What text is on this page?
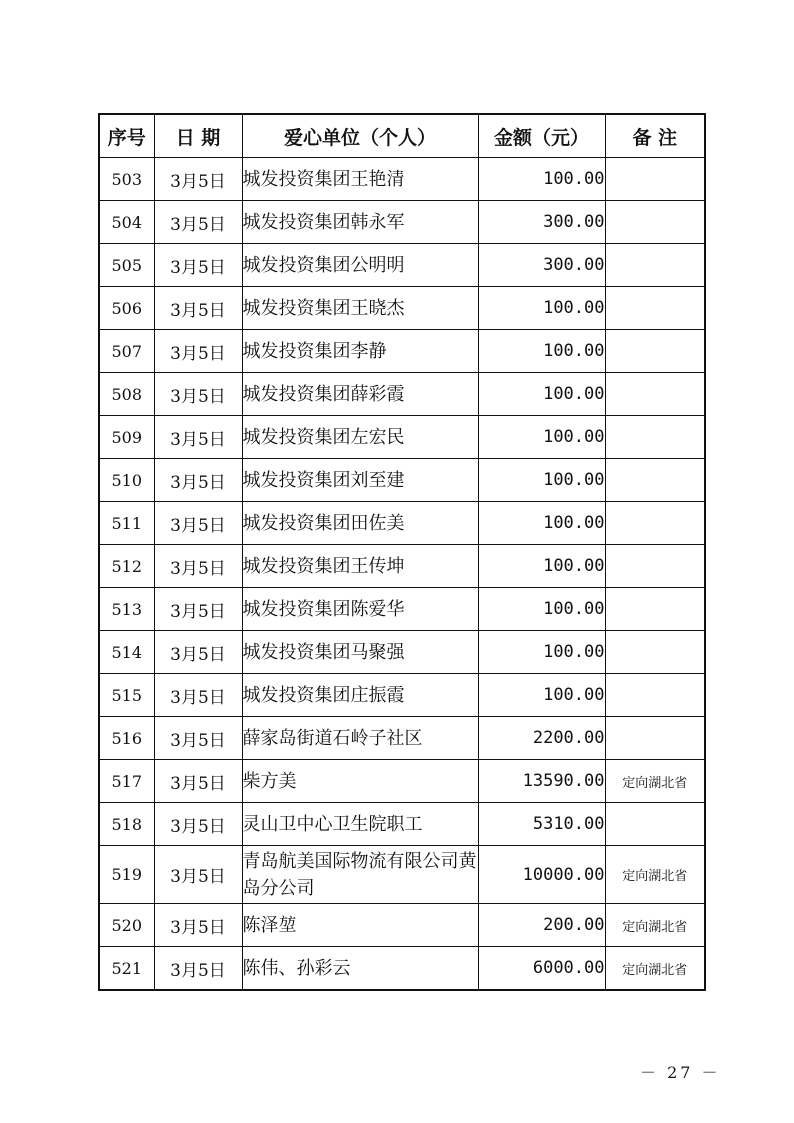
序号	日 期	爱心单位（个人）	金额（元）	备 注
503	3月5日	城发投资集团王艳清	100.00	
504	3月5日	城发投资集团韩永军	300.00	
505	3月5日	城发投资集团公明明	300.00	
506	3月5日	城发投资集团王晓杰	100.00	
507	3月5日	城发投资集团李静	100.00	
508	3月5日	城发投资集团薛彩霞	100.00	
509	3月5日	城发投资集团左宏民	100.00	
510	3月5日	城发投资集团刘至建	100.00	
511	3月5日	城发投资集团田佐美	100.00	
512	3月5日	城发投资集团王传坤	100.00	
513	3月5日	城发投资集团陈爱华	100.00	
514	3月5日	城发投资集团马聚强	100.00	
515	3月5日	城发投资集团庄振霞	100.00	
516	3月5日	薛家岛街道石岭子社区	2200.00	
517	3月5日	柴方美	13590.00	定向湖北省
518	3月5日	灵山卫中心卫生院职工	5310.00	
519	3月5日	青岛航美国际物流有限公司黄岛分公司	10000.00	定向湖北省
520	3月5日	陈泽堃	200.00	定向湖北省
521	3月5日	陈伟、孙彩云	6000.00	定向湖北省
－ 27 －
